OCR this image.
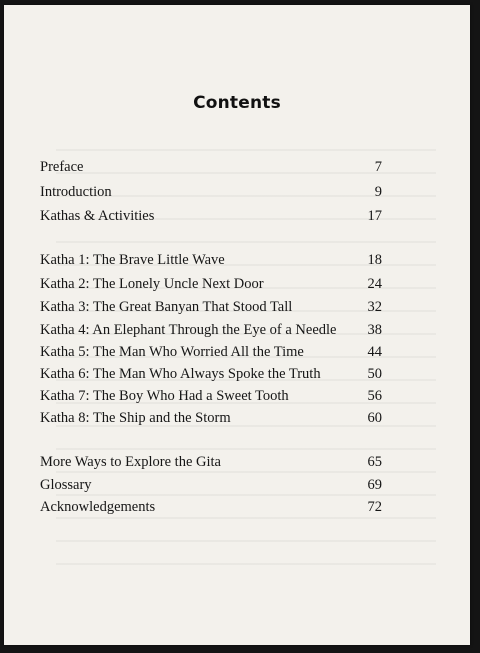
Contents
Preface	7
Introduction	9
Kathas & Activities	17
Katha 1: The Brave Little Wave	18
Katha 2: The Lonely Uncle Next Door	24
Katha 3: The Great Banyan That Stood Tall	32
Katha 4: An Elephant Through the Eye of a Needle 38
Katha 5: The Man Who Worried All the Time	44
Katha 6: The Man Who Always Spoke the Truth	50
Katha 7: The Boy Who Had a Sweet Tooth	56
Katha 8: The Ship and the Storm	60
More Ways to Explore the Gita	65
Glossary	69
Acknowledgements	72
